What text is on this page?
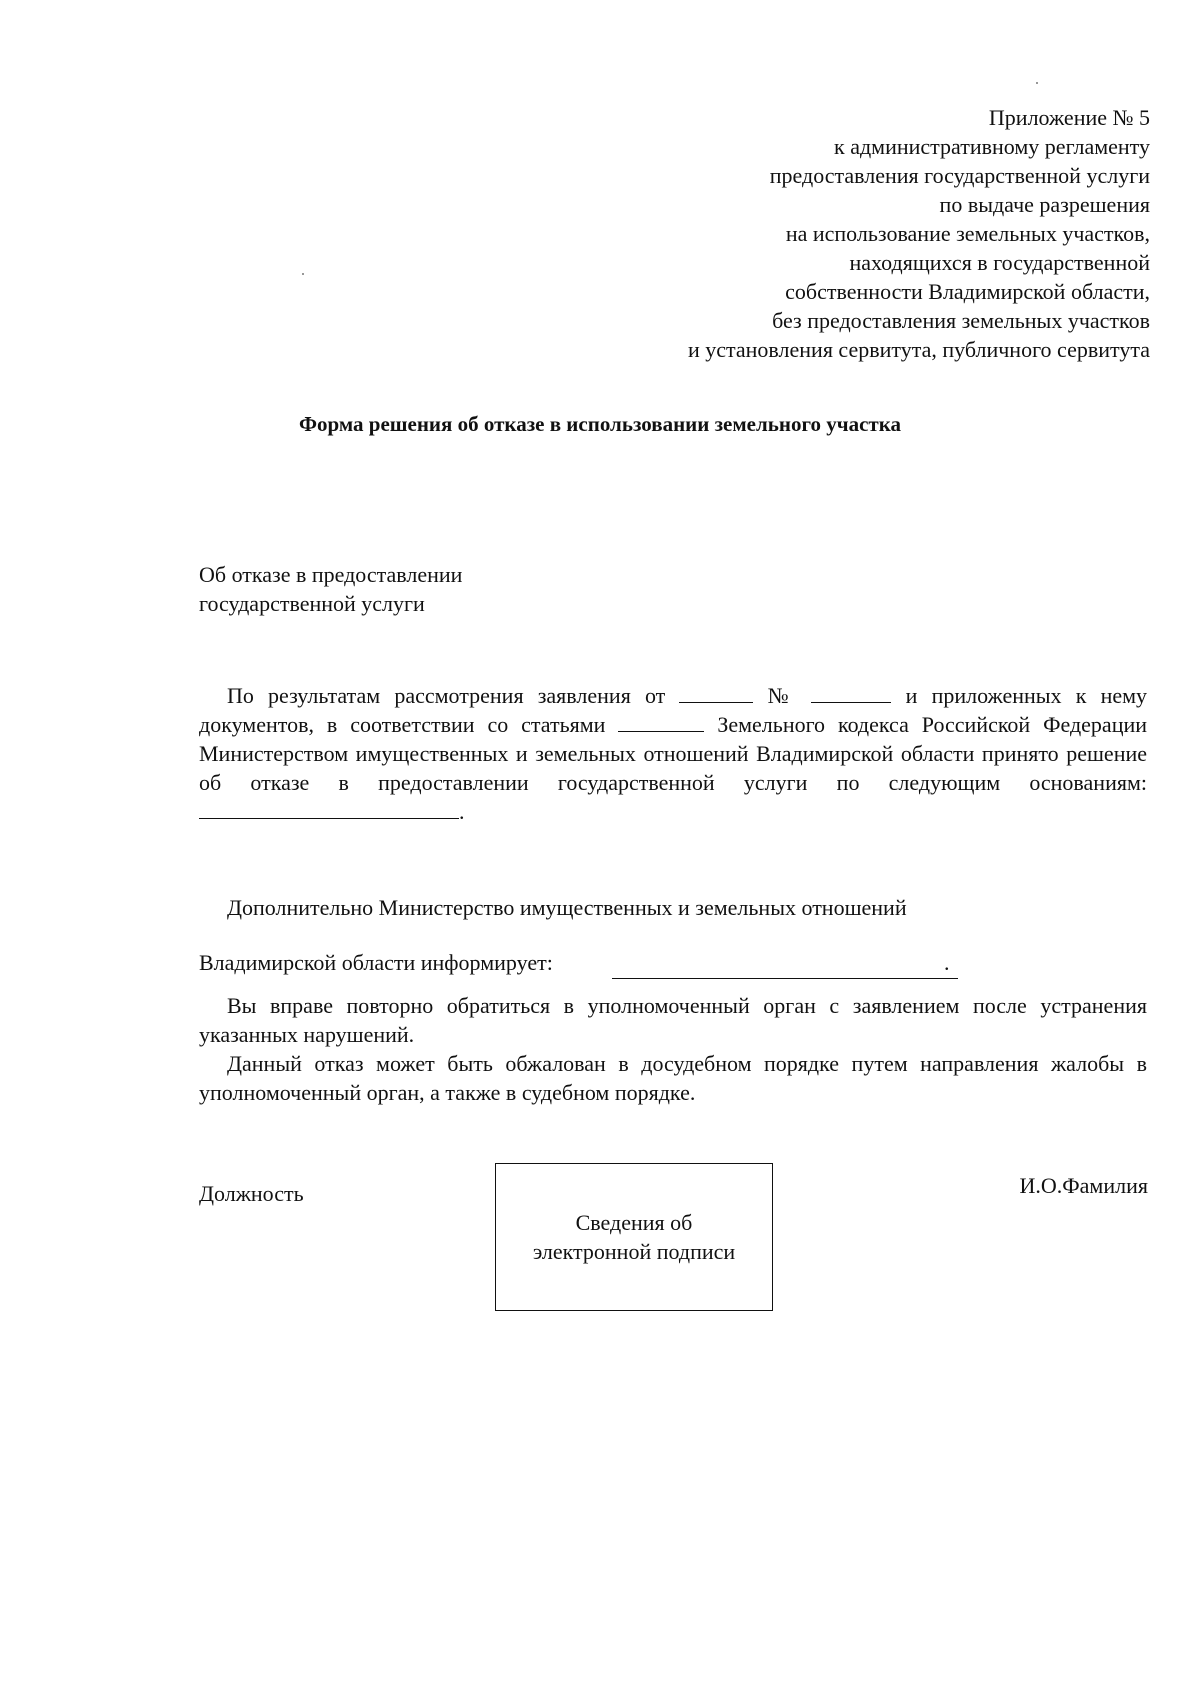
Приложение № 5
к административному регламенту
предоставления государственной услуги
по выдаче разрешения
на использование земельных участков,
находящихся в государственной
собственности Владимирской области,
без предоставления земельных участков
и установления сервитута, публичного сервитута
Форма решения об отказе в использовании земельного участка
Об отказе в предоставлении
государственной услуги
По результатам рассмотрения заявления от	№	и приложенных к нему документов, в соответствии со статьями	Земельного кодекса Российской Федерации Министерством имущественных и земельных отношений Владимирской области принято решение об отказе в предоставлении государственной услуги по следующим основаниям: .
Дополнительно Министерство имущественных и земельных отношений
Владимирской области информирует:	.

Вы вправе повторно обратиться в уполномоченный орган с заявлением после устранения указанных нарушений.

Данный отказ может быть обжалован в досудебном порядке путем направления жалобы в уполномоченный орган, а также в судебном порядке.

Должность
Сведения об
электронной подписи
И.О.Фамилия
